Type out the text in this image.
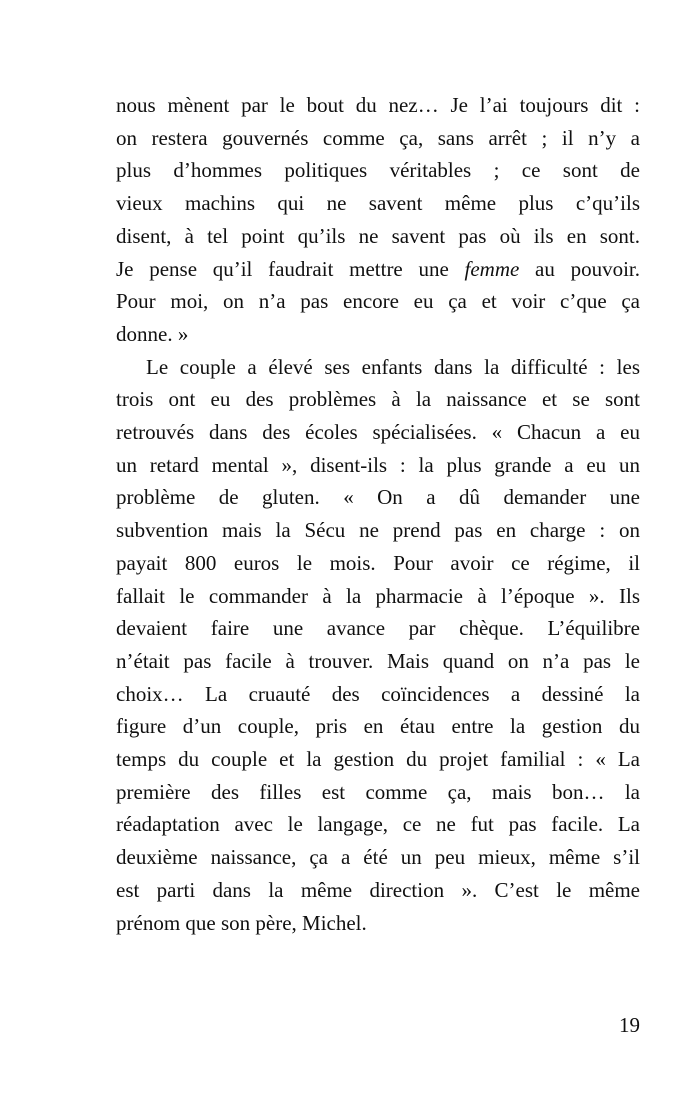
nous mènent par le bout du nez… Je l’ai toujours dit :
on restera gouvernés comme ça, sans arrêt ; il n’y a
plus d’hommes politiques véritables ; ce sont de
vieux machins qui ne savent même plus c’qu’ils
disent, à tel point qu’ils ne savent pas où ils en sont.
Je pense qu’il faudrait mettre une femme au pouvoir.
Pour moi, on n’a pas encore eu ça et voir c’que ça
donne. »
Le couple a élevé ses enfants dans la difficulté : les
trois ont eu des problèmes à la naissance et se sont
retrouvés dans des écoles spécialisées. « Chacun a eu
un retard mental », disent-ils : la plus grande a eu un
problème de gluten. « On a dû demander une
subvention mais la Sécu ne prend pas en charge : on
payait 800 euros le mois. Pour avoir ce régime, il
fallait le commander à la pharmacie à l’époque ». Ils
devaient faire une avance par chèque. L’équilibre
n’était pas facile à trouver. Mais quand on n’a pas le
choix… La cruauté des coïncidences a dessiné la
figure d’un couple, pris en étau entre la gestion du
temps du couple et la gestion du projet familial : « La
première des filles est comme ça, mais bon… la
réadaptation avec le langage, ce ne fut pas facile. La
deuxième naissance, ça a été un peu mieux, même s’il
est parti dans la même direction ». C’est le même
prénom que son père, Michel.
19
